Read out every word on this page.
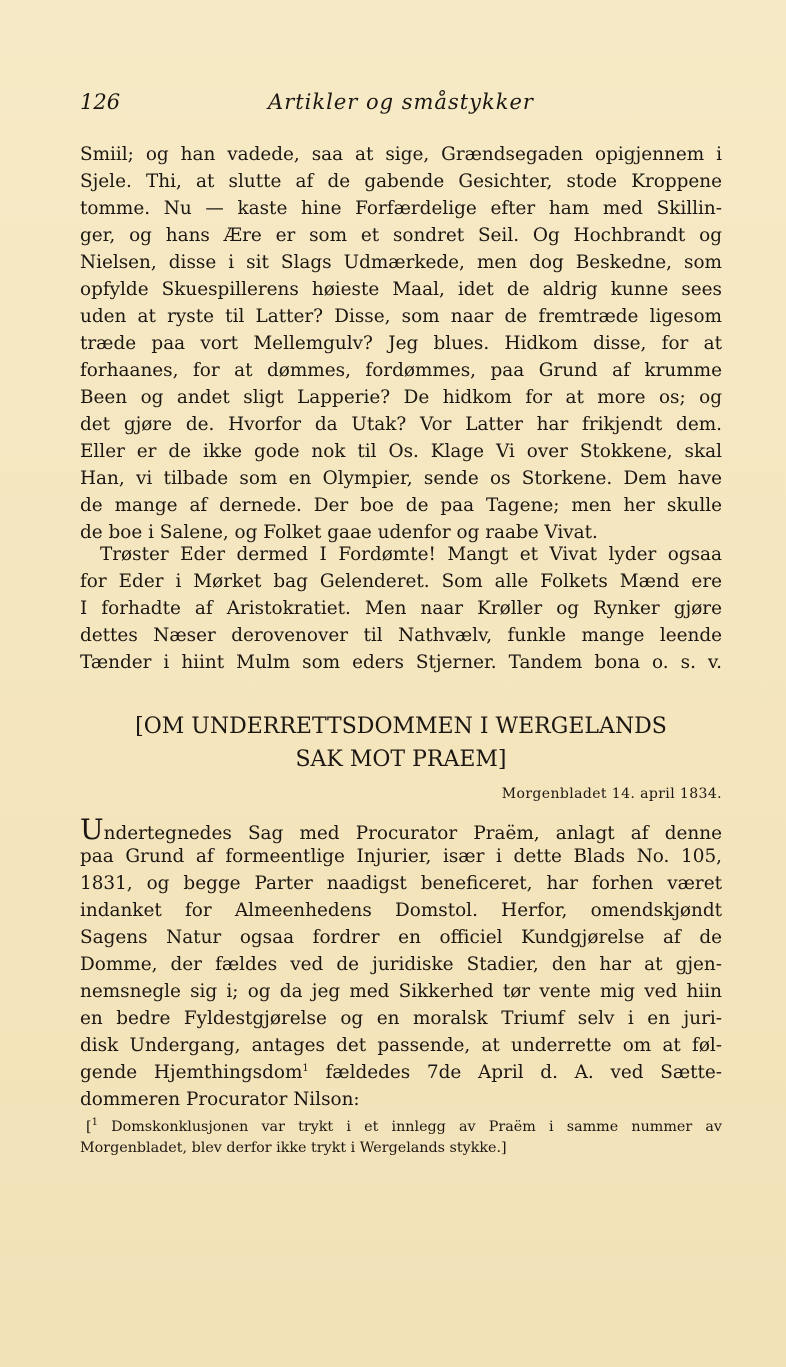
126	Artikler og småstykker
Smiil; og han vadede, saa at sige, Grændsegaden opigjennem i
Sjele. Thi, at slutte af de gabende Gesichter, stode Kroppene
tomme. Nu — kaste hine Forfærdelige efter ham med Skillin-
ger, og hans Ære er som et sondret Seil. Og Hochbrandt og
Nielsen, disse i sit Slags Udmærkede, men dog Beskedne, som
opfylde Skuespillerens høieste Maal, idet de aldrig kunne sees
uden at ryste til Latter? Disse, som naar de fremtræde ligesom
træde paa vort Mellemgulv? Jeg blues. Hidkom disse, for at
forhaanes, for at dømmes, fordømmes, paa Grund af krumme
Been og andet sligt Lapperie? De hidkom for at more os; og
det gjøre de. Hvorfor da Utak? Vor Latter har frikjendt dem.
Eller er de ikke gode nok til Os. Klage Vi over Stokkene, skal
Han, vi tilbade som en Olympier, sende os Storkene. Dem have
de mange af dernede. Der boe de paa Tagene; men her skulle
de boe i Salene, og Folket gaae udenfor og raabe Vivat.
Trøster Eder dermed I Fordømte! Mangt et Vivat lyder ogsaa
for Eder i Mørket bag Gelenderet. Som alle Folkets Mænd ere
I forhadte af Aristokratiet. Men naar Krøller og Rynker gjøre
dettes Næser derovenover til Nathvælv, funkle mange leende
Tænder i hiint Mulm som eders Stjerner. Tandem bona o. s. v.
[OM UNDERRETTSDOMMEN I WERGELANDS
SAK MOT PRAEM]
Morgenbladet 14. april 1834.
Undertegnedes Sag med Procurator Praëm, anlagt af denne
paa Grund af formeentlige Injurier, især i dette Blads No. 105,
1831, og begge Parter naadigst beneficeret, har forhen været
indanket for Almeenhedens Domstol. Herfor, omendskjøndt
Sagens Natur ogsaa fordrer en officiel Kundgjørelse af de
Domme, der fældes ved de juridiske Stadier, den har at gjen-
nemsnegle sig i; og da jeg med Sikkerhed tør vente mig ved hiin
en bedre Fyldestgjørelse og en moralsk Triumf selv i en juri-
disk Undergang, antages det passende, at underrette om at føl-
gende Hjemthingsdom$^1$ fældedes 7de April d. A. ved Sætte-
dommeren Procurator Nilson:
[$^1$ Domskonklusjonen var trykt i et innlegg av Praëm i samme nummer av
Morgenbladet, blev derfor ikke trykt i Wergelands stykke.]
